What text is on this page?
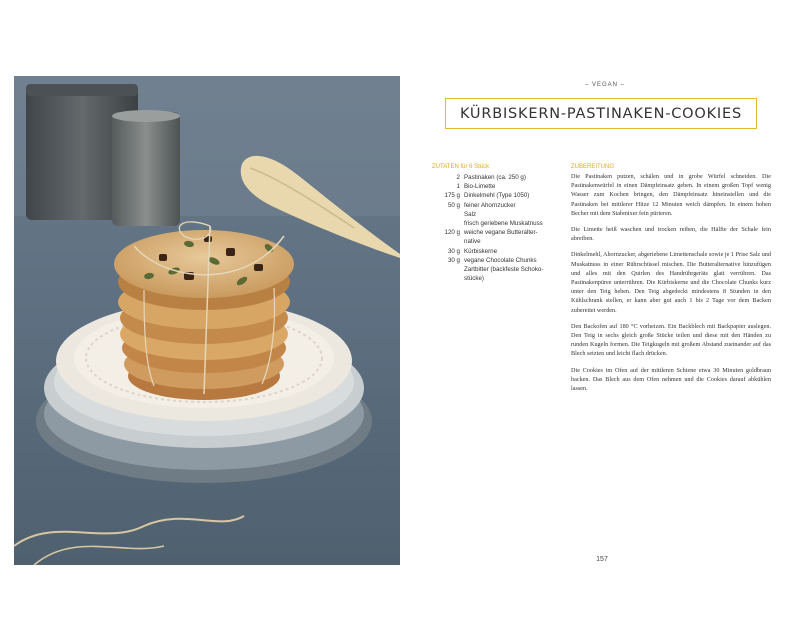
– VEGAN –
KÜRBISKERN-PASTINAKEN-COOKIES
ZUTATEN für 6 Stück
2 Pastinaken (ca. 250 g)
1 Bio-Limette
175 g Dinkelmehl (Type 1050)
50 g feiner Ahornzucker
Salz
frisch geriebene Muskatnuss
120 g weiche vegane Butteralter-
native
30 g Kürbiskerne
30 g vegane Chocolate Chunks
Zartbitter (backfeste Schoko-
stücke)
ZUBEREITUNG

Die Pastinaken putzen, schälen und in grobe Würfel schneiden. Die Pastinakenwürfel in einen Dämpfeinsatz geben. In einem großen Topf wenig Wasser zum Kochen bringen, den Dämpfeinsatz hineinstellen und die Pastinaken bei mittlerer Hitze 12 Minuten weich dämpfen. In einem hohen Becher mit dem Stabmixer fein pürieren.

Die Limette heiß waschen und trocken reiben, die Hälfte der Schale fein abreiben.

Dinkelmehl, Ahornzucker, abgeriebene Limettenschale sowie je 1 Prise Salz und Muskatnuss in einer Rührschüssel mischen. Die Butteralternative hinzufügen und alles mit den Quirlen des Handrührgeräts glatt verrühren. Das Pastinakenpüree unterrühren. Die Kürbiskerne und die Chocolate Chunks kurz unter den Teig heben. Den Teig abgedeckt mindestens 8 Stunden in den Kühlschrank stellen, er kann aber gut auch 1 bis 2 Tage vor dem Backen zubereitet werden.

Den Backofen auf 180 °C vorheizen. Ein Backblech mit Backpapier auslegen. Den Teig in sechs gleich große Stücke teilen und diese mit den Händen zu runden Kugeln formen. Die Teigkugeln mit großem Abstand zueinander auf das Blech setzten und leicht flach drücken.

Die Cookies im Ofen auf der mittleren Schiene etwa 30 Minuten goldbraun backen. Das Blech aus dem Ofen nehmen und die Cookies darauf abkühlen lassen.

157
